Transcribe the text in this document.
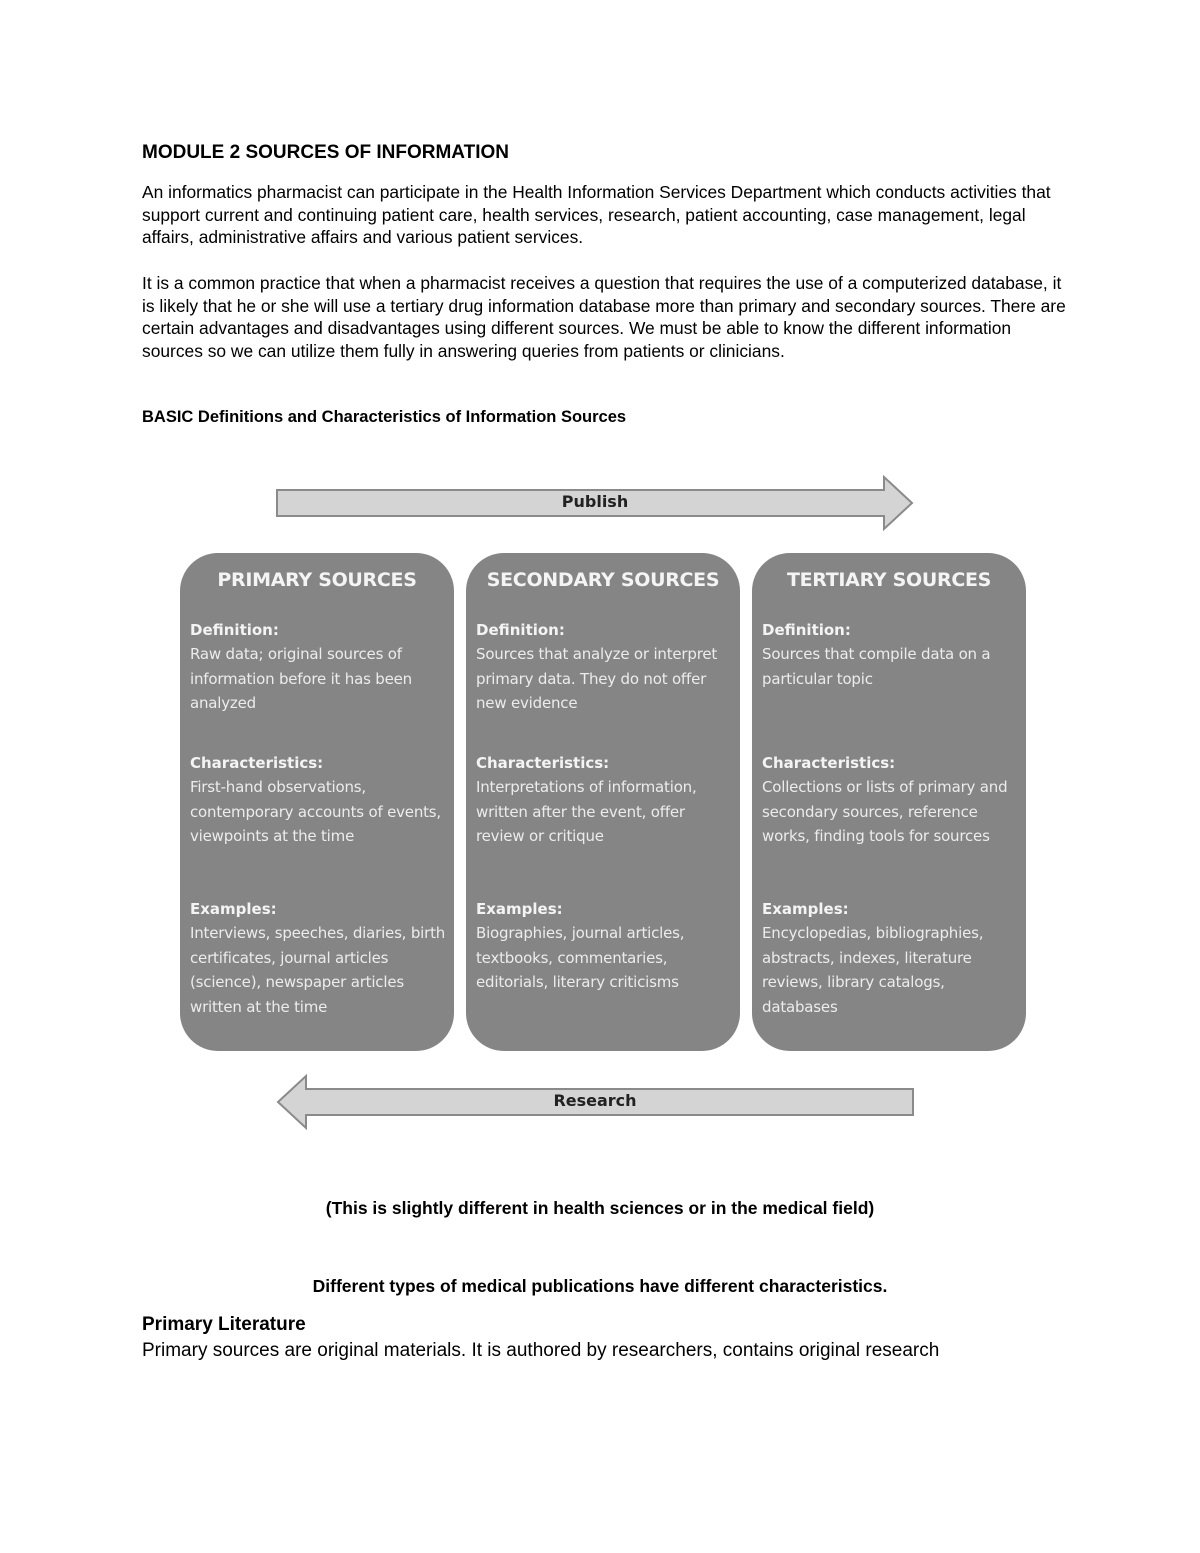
MODULE 2 SOURCES OF INFORMATION

An informatics pharmacist can participate in the Health Information Services Department which conducts activities that support current and continuing patient care, health services, research, patient accounting, case management, legal affairs, administrative affairs and various patient services.

It is a common practice that when a pharmacist receives a question that requires the use of a computerized database, it is likely that he or she will use a tertiary drug information database more than primary and secondary sources. There are certain advantages and disadvantages using different sources. We must be able to know the different information sources so we can utilize them fully in answering queries from patients or clinicians.

BASIC Definitions and Characteristics of Information Sources
Publish
PRIMARY SOURCES

Definition:

Raw data; original sources of information before it has been analyzed

Characteristics:

First-hand observations, contemporary accounts of events, viewpoints at the time

Examples:

Interviews, speeches, diaries, birth certificates, journal articles (science), newspaper articles written at the time

SECONDARY SOURCES

Definition:

Sources that analyze or interpret primary data. They do not offer new evidence

Characteristics:

Interpretations of information, written after the event, offer review or critique

Examples:

Biographies, journal articles, textbooks, commentaries, editorials, literary criticisms

TERTIARY SOURCES

Definition:

Sources that compile data on a particular topic

Characteristics:

Collections or lists of primary and secondary sources, reference works, finding tools for sources

Examples:

Encyclopedias, bibliographies, abstracts, indexes, literature reviews, library catalogs, databases

Research

(This is slightly different in health sciences or in the medical field)

Different types of medical publications have different characteristics.

Primary Literature

Primary sources are original materials. It is authored by researchers, contains original research
